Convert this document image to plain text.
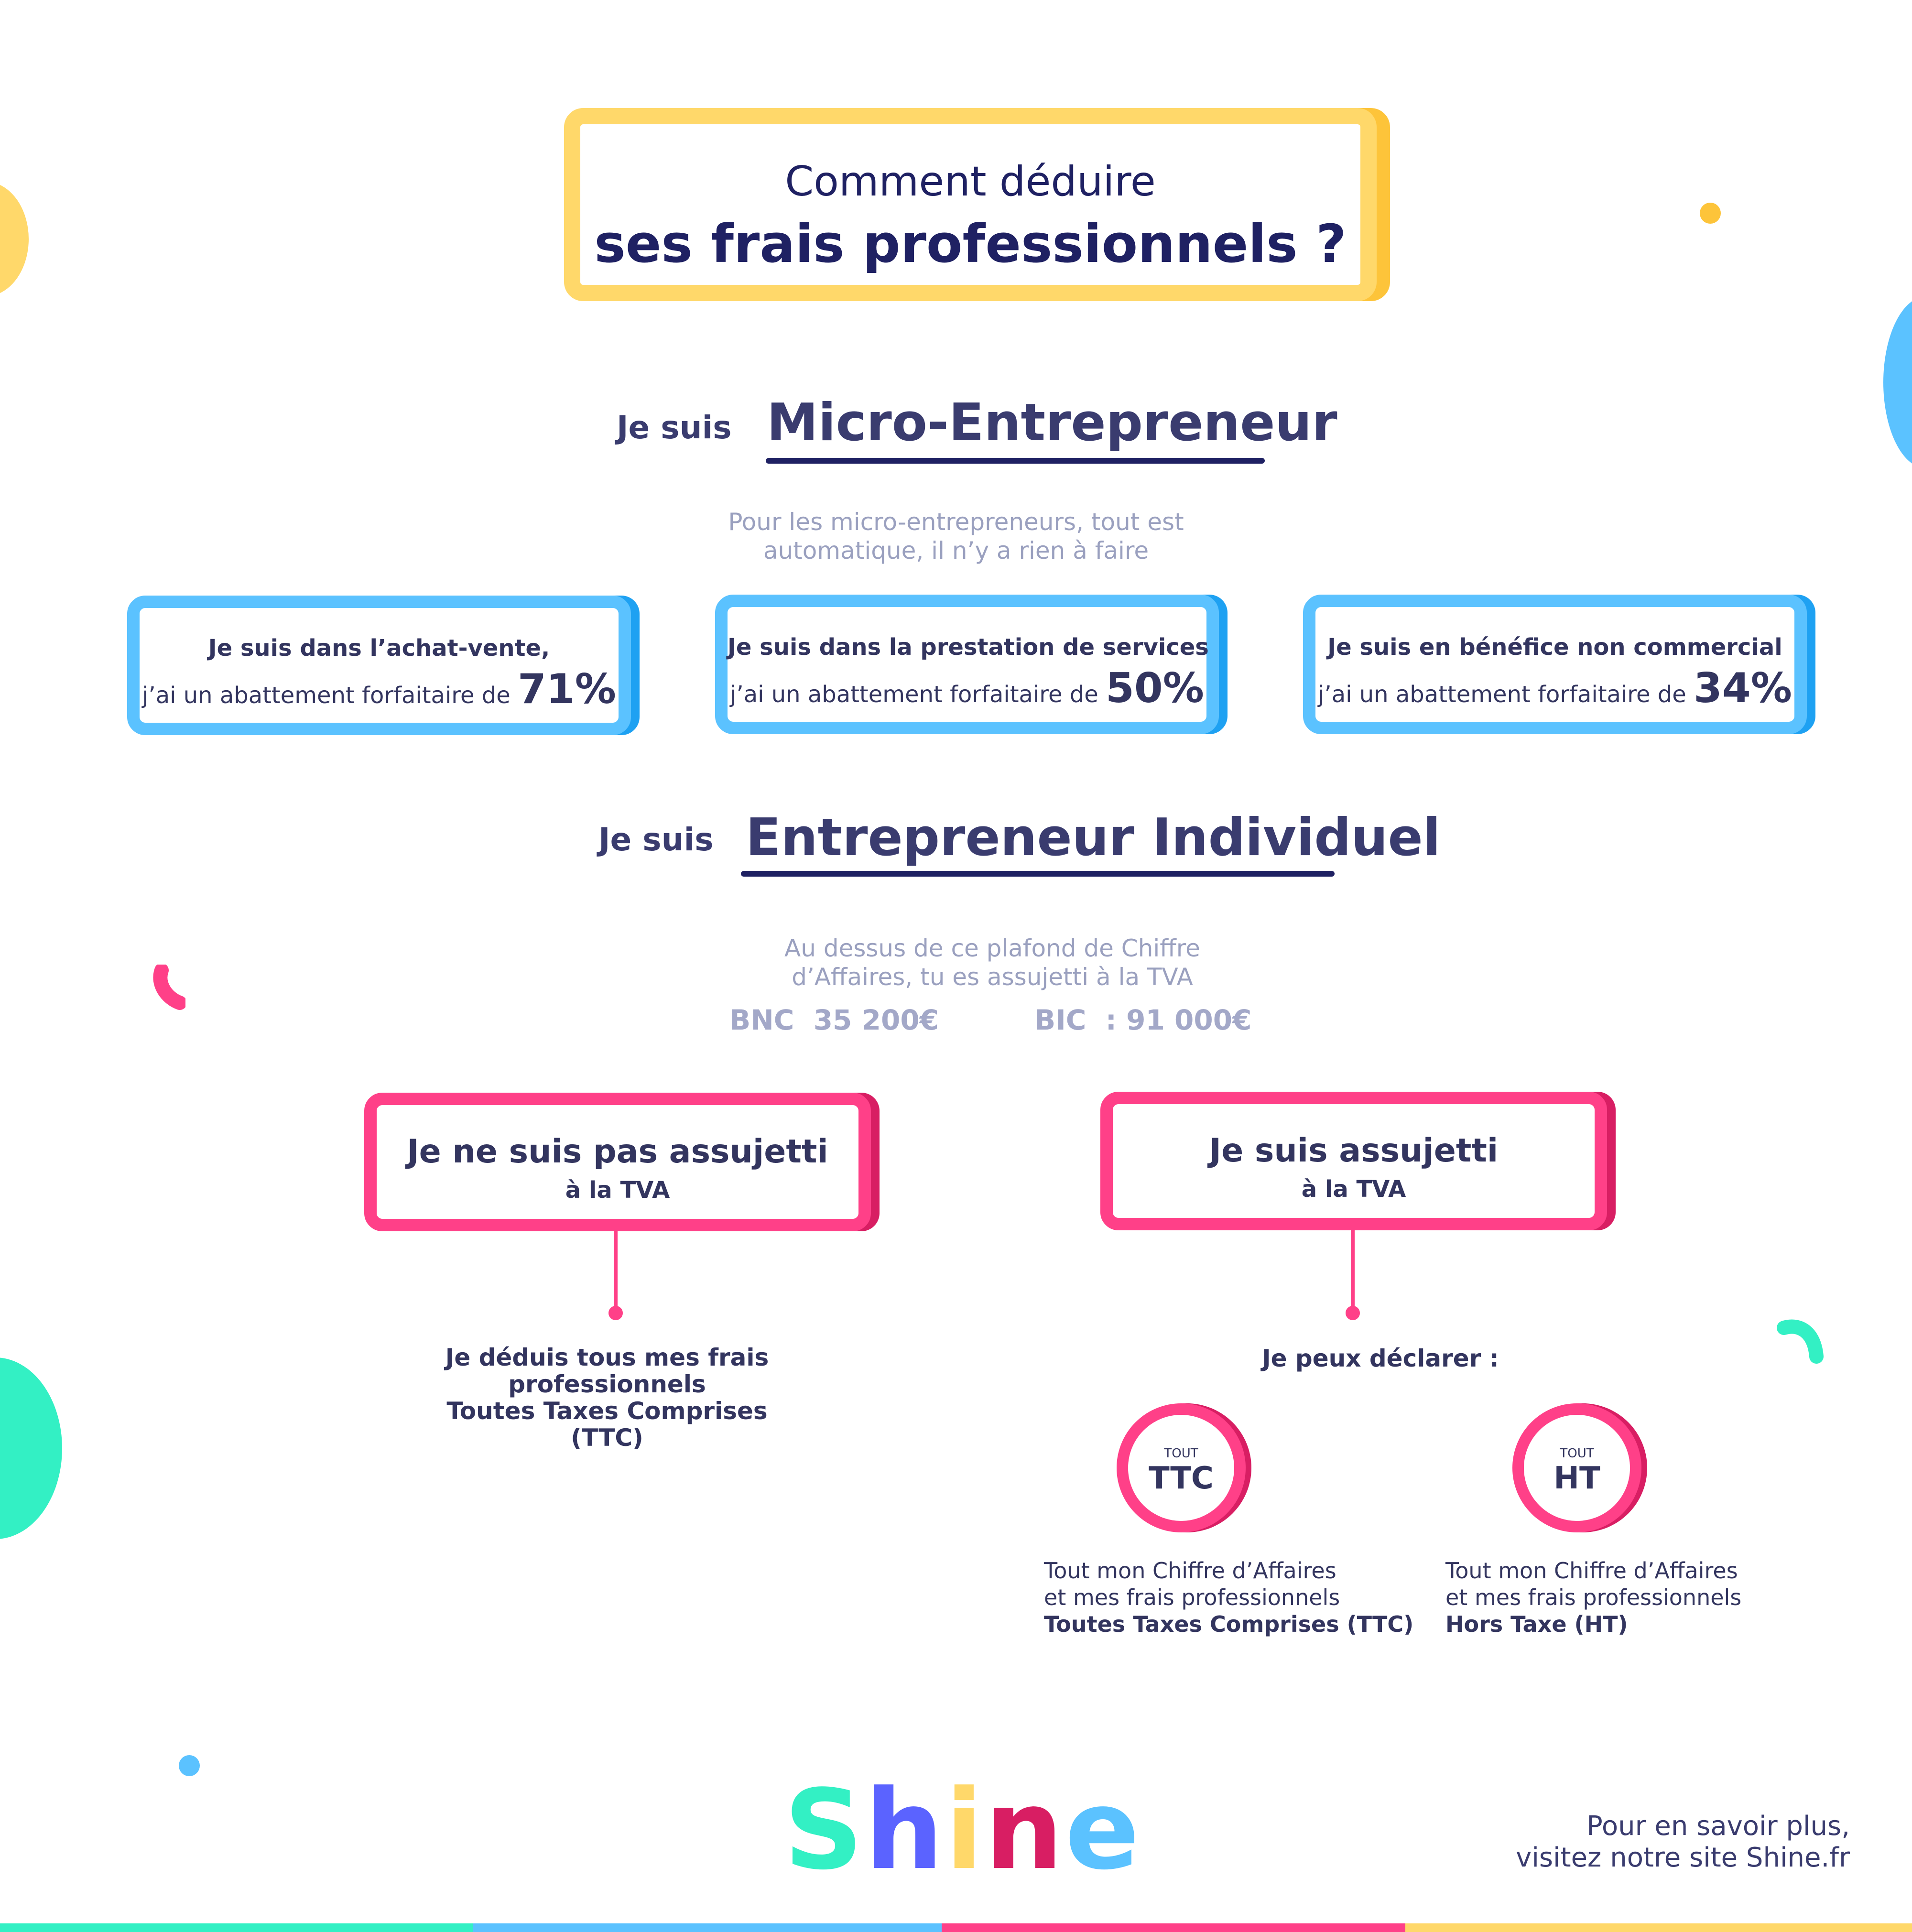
Comment déduire
ses frais professionnels ?
Je suis Micro-Entrepreneur
Pour les micro-entrepreneurs, tout est
automatique, il n’y a rien à faire
Je suis dans l’achat-vente,
j’ai un abattement forfaitaire de 71%
Je suis dans la prestation de services
j’ai un abattement forfaitaire de 50%
Je suis en bénéfice non commercial
j’ai un abattement forfaitaire de 34%
Je suis Entrepreneur Individuel
Au dessus de ce plafond de Chiffre
d’Affaires, tu es assujetti à la TVA
BNC  35 200€	BIC  : 91 000€
Je ne suis pas assujetti
à la TVA
Je déduis tous mes frais
professionnels
Toutes Taxes Comprises (TTC)
Je suis assujetti
à la TVA
Je peux déclarer :
TOUT
TTC
TOUT
HT
Tout mon Chiffre d’Affaires
et mes frais professionnels
Toutes Taxes Comprises (TTC)
Tout mon Chiffre d’Affaires
et mes frais professionnels
Hors Taxe (HT)
Shine	Pour en savoir plus,
visitez notre site Shine.fr
